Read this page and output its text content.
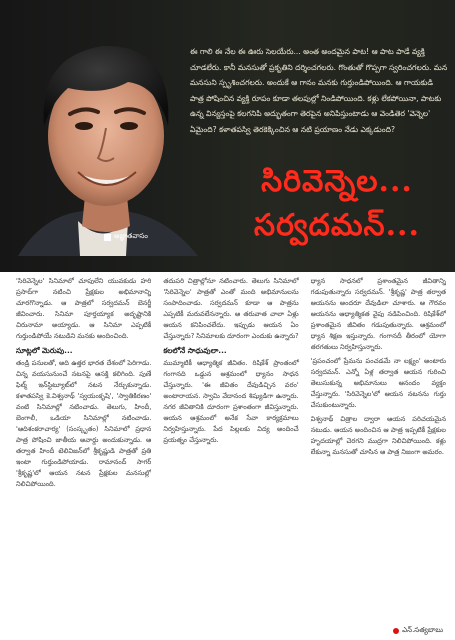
ఈ గాలి ఈ నేల ఈ ఊరు సెలయేరు... అంత అందమైన పాట! ఆ పాట పాడే వ్యక్తి చూడలేరు. కానీ మనసుతో ప్రకృతిని దర్శించగలరు. గొంతుతో గొప్పగా స్వరించగలరు. మన మనసుని స్పృశించగలరు. అందుకే ఆ గానం మనకు గుర్తుండిపోయింది. ఆ గాయకుడి పాత్ర పోషించిన వ్యక్తి రూపం కూడా తలపుల్లో నిండిపోయింది. కళ్లు లేకపోయినా, పాటకు ఉన్న విన్యస్తంపై కలగనిపి అద్భుతంగా తెరపైన అనిపిస్తుంటాడు ఆ వెండితెర 'వెన్నెల' ఏమైంది? కళాతపస్వి తెరకెక్కించిన ఆ నటి ప్రయాణం నేడు ఎక్కడుంది?

సిరివెన్నెల...
సర్వదమన్...
అజ్ఞాతవాసం

'సిరివెన్నెల' సినిమాలో చూపులేని యువకుడు హరి ప్రసాద్‌గా నటించి ప్రేక్షకుల అభిమానాన్ని చూరగొన్నాడు. ఆ పాత్రలో సర్వదమన్ బెనర్జీ జీవించారు. సినిమా పూర్తయ్యాక అదృష్టానికి చిరునామా అయ్యాడు. ఆ సినిమా ఎప్పటికీ గుర్తుండిపోయే నటుడిని మనకు అందించింది.

సూట్లలో మెరుపు...

తండ్రి పనులతో, అది ఉత్తర భారత దేశంలో పెరిగాడు. చిన్న వయసునుంచే నటనపై ఆసక్తి కలిగింది. పుణే ఫిల్మ్ ఇన్‌స్టిట్యూట్‌లో నటన నేర్చుకున్నాడు. కళాతపస్వి కె.విశ్వనాథ్ 'స్వయంకృషి', 'స్వాతికిరణం' వంటి సినిమాల్లో నటించాడు. తెలుగు, హిందీ, బెంగాలీ, ఒడియా సినిమాల్లో నటించాడు. 'ఆదిశంకరాచార్య' (సంస్కృతం) సినిమాలో ప్రధాన పాత్ర పోషించి జాతీయ అవార్డు అందుకున్నాడు. ఆ తర్వాత హిందీ టెలివిజన్‌లో శ్రీకృష్ణుడి పాత్రతో ప్రతి ఇంటా గుర్తుండిపోయాడు. రామానంద్ సాగర్ 'శ్రీకృష్ణ'లో ఆయన నటన ప్రేక్షకుల మనసుల్లో నిలిచిపోయింది.

తదుపరి చిత్రాల్లోనూ నటించారు. తెలుగు సినిమాలో 'సిరివెన్నెల' పాత్రతో ఎంతో మంది అభిమానులను సంపాదించాడు. సర్వదమన్ కూడా ఆ పాత్రను ఎప్పటికీ మరువలేనన్నారు. ఆ తరువాత చాలా ఏళ్లు ఆయన కనిపించలేదు. ఇప్పుడు ఆయన ఏం చేస్తున్నారు? సినిమాలకు దూరంగా ఎందుకు ఉన్నారు?

కలలోనే సాధువులా...

ముమ్మాటికీ ఆధ్యాత్మిక జీవితం. రిషికేశ్ ప్రాంతంలో గంగానది ఒడ్డున ఆశ్రమంలో ధ్యానం సాధన చేస్తున్నారు. 'ఈ జీవితం దేవుడిచ్చిన వరం' అంటారాయన. స్వామి వేదానంద శిష్యుడిగా ఉన్నారు. నగర జీవితానికి దూరంగా ప్రశాంతంగా జీవిస్తున్నారు. ఆయన ఆశ్రమంలో అనేక సేవా కార్యక్రమాలు నిర్వహిస్తున్నారు. పేద పిల్లలకు విద్య అందించే ప్రయత్నం చేస్తున్నారు.

ధ్యాన సాధనలో ప్రశాంతమైన జీవితాన్ని గడుపుతున్నారు సర్వదమన్. 'శ్రీకృష్ణ' పాత్ర తర్వాత ఆయనను అందరూ దేవుడిలా చూశారు. ఆ గౌరవం ఆయనను ఆధ్యాత్మికత వైపు నడిపించింది. రిషికేశ్‌లో ప్రశాంతమైన జీవితం గడుపుతున్నారు. ఆశ్రమంలో ధ్యాన శిక్షణ ఇస్తున్నారు. గంగానదీ తీరంలో యోగా తరగతులు నిర్వహిస్తున్నారు.

'ప్రపంచంలో ప్రేమను పంచడమే నా లక్ష్యం' అంటారు సర్వదమన్. ఎన్నో ఏళ్ల తర్వాత ఆయన గురించి తెలుసుకున్న అభిమానులు ఆనందం వ్యక్తం చేస్తున్నారు. 'సిరివెన్నెల'లో ఆయన నటనను గుర్తు చేసుకుంటున్నారు.

విశ్వనాథ్ చిత్రాల ద్వారా ఆయన పరిచయమైన నటుడు. ఆయన అందించిన ఆ పాత్ర ఇప్పటికీ ప్రేక్షకుల హృదయాల్లో చెరగని ముద్రగా నిలిచిపోయింది. కళ్లు లేకున్నా మనసుతో చూసిన ఆ పాత్ర నిజంగా అమరం.

ఎన్.సత్యబాబు
